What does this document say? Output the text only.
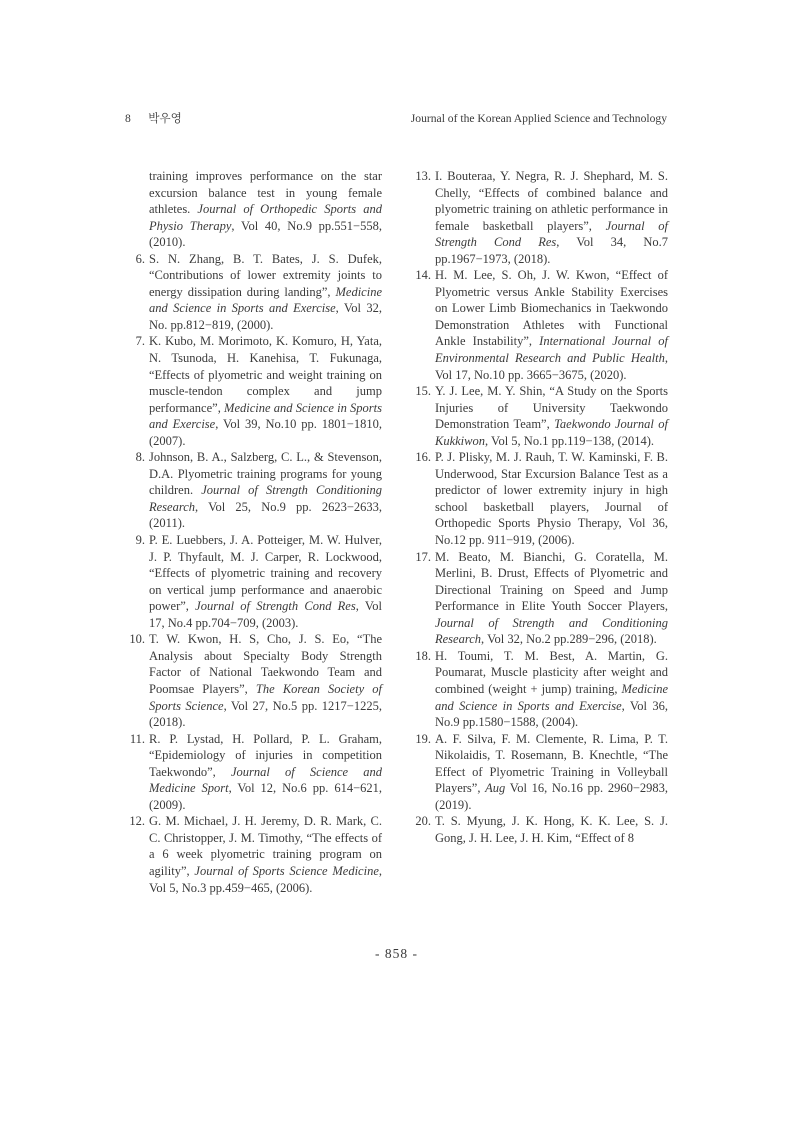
8 박우영	Journal of the Korean Applied Science and Technology
training improves performance on the star excursion balance test in young female athletes. Journal of Orthopedic Sports and Physio Therapy, Vol 40, No.9 pp.551−558, (2010).
6. S. N. Zhang, B. T. Bates, J. S. Dufek, “Contributions of lower extremity joints to energy dissipation during landing”, Medicine and Science in Sports and Exercise, Vol 32, No. pp.812−819, (2000).
7. K. Kubo, M. Morimoto, K. Komuro, H, Yata, N. Tsunoda, H. Kanehisa, T. Fukunaga, “Effects of plyometric and weight training on muscle-tendon complex and jump performance”, Medicine and Science in Sports and Exercise, Vol 39, No.10 pp. 1801−1810, (2007).
8. Johnson, B. A., Salzberg, C. L., & Stevenson, D.A. Plyometric training programs for young children. Journal of Strength Conditioning Research, Vol 25, No.9 pp. 2623−2633, (2011).
9. P. E. Luebbers, J. A. Potteiger, M. W. Hulver, J. P. Thyfault, M. J. Carper, R. Lockwood, “Effects of plyometric training and recovery on vertical jump performance and anaerobic power”, Journal of Strength Cond Res, Vol 17, No.4 pp.704−709, (2003).
10. T. W. Kwon, H. S, Cho, J. S. Eo, “The Analysis about Specialty Body Strength Factor of National Taekwondo Team and Poomsae Players”, The Korean Society of Sports Science, Vol 27, No.5 pp. 1217−1225, (2018).
11. R. P. Lystad, H. Pollard, P. L. Graham, “Epidemiology of injuries in competition Taekwondo”, Journal of Science and Medicine Sport, Vol 12, No.6 pp. 614−621, (2009).
12. G. M. Michael, J. H. Jeremy, D. R. Mark, C. C. Christopper, J. M. Timothy, “The effects of a 6 week plyometric training program on agility”, Journal of Sports Science Medicine, Vol 5, No.3 pp.459−465, (2006).
13. I. Bouteraa, Y. Negra, R. J. Shephard, M. S. Chelly, “Effects of combined balance and plyometric training on athletic performance in female basketball players”, Journal of Strength Cond Res, Vol 34, No.7 pp.1967−1973, (2018).
14. H. M. Lee, S. Oh, J. W. Kwon, “Effect of Plyometric versus Ankle Stability Exercises on Lower Limb Biomechanics in Taekwondo Demonstration Athletes with Functional Ankle Instability”, International Journal of Environmental Research and Public Health, Vol 17, No.10 pp. 3665−3675, (2020).
15. Y. J. Lee, M. Y. Shin, “A Study on the Sports Injuries of University Taekwondo Demonstration Team”, Taekwondo Journal of Kukkiwon, Vol 5, No.1 pp.119−138, (2014).
16. P. J. Plisky, M. J. Rauh, T. W. Kaminski, F. B. Underwood, Star Excursion Balance Test as a predictor of lower extremity injury in high school basketball players, Journal of Orthopedic Sports Physio Therapy, Vol 36, No.12 pp. 911−919, (2006).
17. M. Beato, M. Bianchi, G. Coratella, M. Merlini, B. Drust, Effects of Plyometric and Directional Training on Speed and Jump Performance in Elite Youth Soccer Players, Journal of Strength and Conditioning Research, Vol 32, No.2 pp.289−296, (2018).
18. H. Toumi, T. M. Best, A. Martin, G. Poumarat, Muscle plasticity after weight and combined (weight + jump) training, Medicine and Science in Sports and Exercise, Vol 36, No.9 pp.1580−1588, (2004).
19. A. F. Silva, F. M. Clemente, R. Lima, P. T. Nikolaidis, T. Rosemann, B. Knechtle, “The Effect of Plyometric Training in Volleyball Players”, Aug Vol 16, No.16 pp. 2960−2983, (2019).
20. T. S. Myung, J. K. Hong, K. K. Lee, S. J. Gong, J. H. Lee, J. H. Kim, “Effect of 8
- 858 -
